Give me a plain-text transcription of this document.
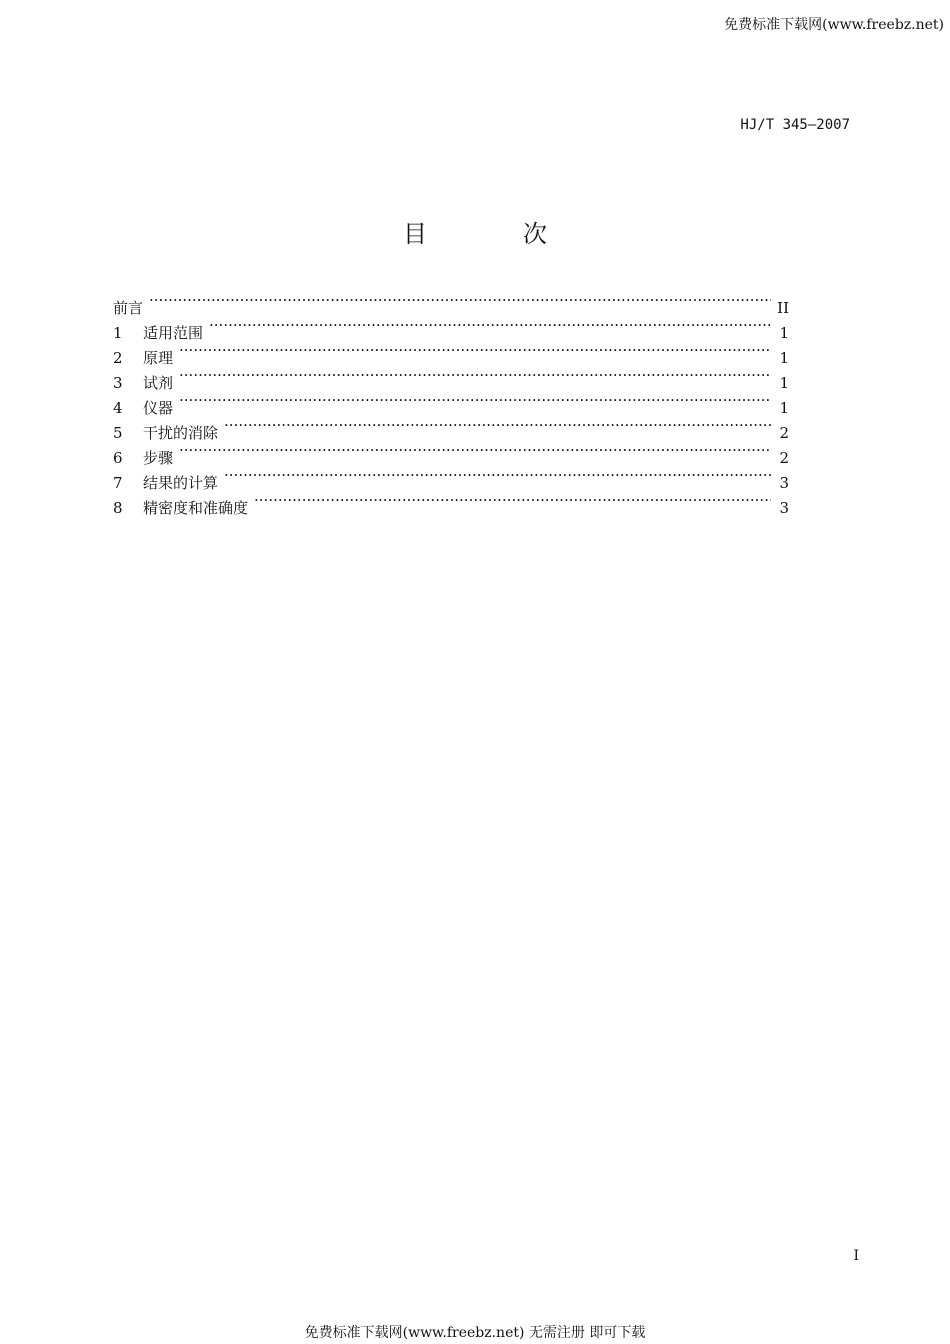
免费标准下载网(www.freebz.net)
HJ/T 345—2007
目	次
前言 ·····	II
1	适用范围 ·····	1
2	原理 ·····	1
3	试剂 ·····	1
4	仪器 ·····	1
5	干扰的消除 ·····	2
6	步骤 ·····	2
7	结果的计算 ·····	3
8	精密度和准确度 ·····	3
I
免费标准下载网(www.freebz.net) 无需注册 即可下载
